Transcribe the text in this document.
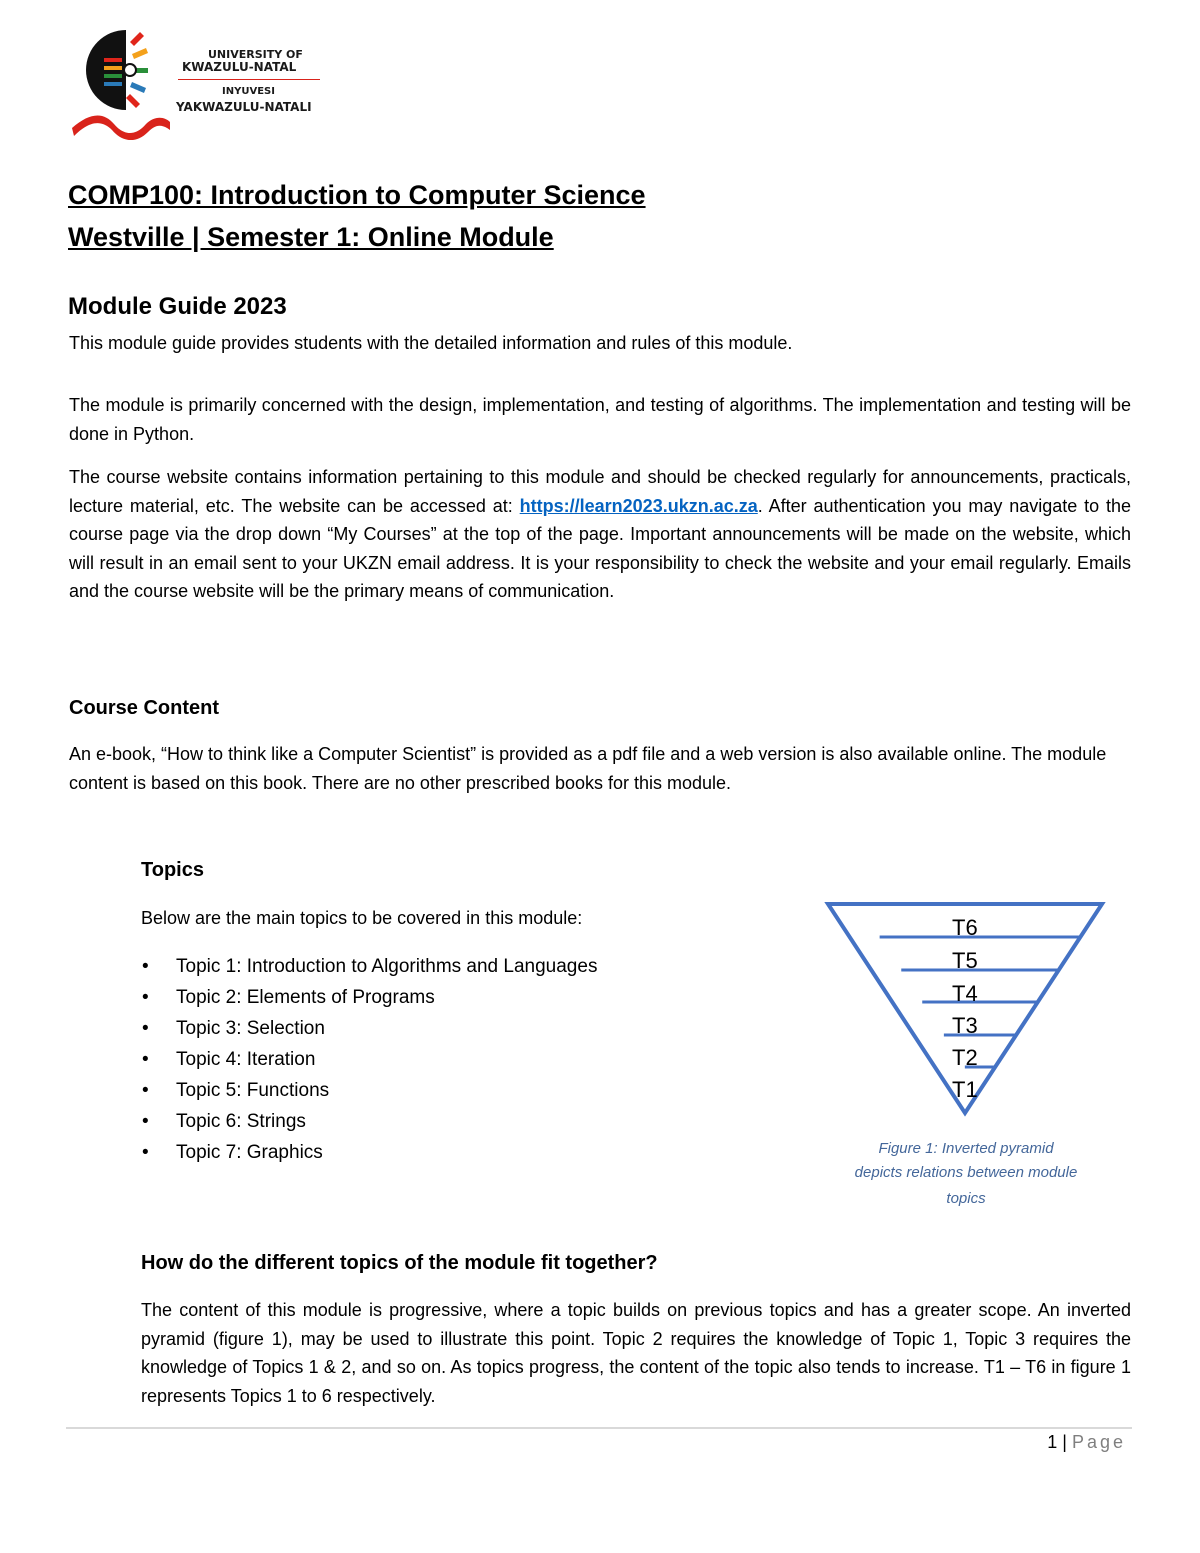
UNIVERSITY OF
KWAZULU-NATAL
INYUVESI
YAKWAZULU-NATALI
COMP100: Introduction to Computer Science
Westville | Semester 1: Online Module
Module Guide 2023
This module guide provides students with the detailed information and rules of this module.
The module is primarily concerned with the design, implementation, and testing of algorithms. The implementation and testing will be done in Python.
The course website contains information pertaining to this module and should be checked regularly for announcements, practicals, lecture material, etc. The website can be accessed at: https://learn2023.ukzn.ac.za. After authentication you may navigate to the course page via the drop down “My Courses” at the top of the page. Important announcements will be made on the website, which will result in an email sent to your UKZN email address. It is your responsibility to check the website and your email regularly. Emails and the course website will be the primary means of communication.
Course Content
An e-book, “How to think like a Computer Scientist” is provided as a pdf file and a web version is also available online. The module content is based on this book. There are no other prescribed books for this module.
Topics
Below are the main topics to be covered in this module:
• Topic 1: Introduction to Algorithms and Languages
• Topic 2: Elements of Programs
• Topic 3: Selection
• Topic 4: Iteration
• Topic 5: Functions
• Topic 6: Strings
• Topic 7: Graphics
T6
T5
T4
T3
T2
T1
Figure 1: Inverted pyramid
depicts relations between module
topics
How do the different topics of the module fit together?
The content of this module is progressive, where a topic builds on previous topics and has a greater scope. An inverted pyramid (figure 1), may be used to illustrate this point. Topic 2 requires the knowledge of Topic 1, Topic 3 requires the knowledge of Topics 1 & 2, and so on. As topics progress, the content of the topic also tends to increase. T1 – T6 in figure 1 represents Topics 1 to 6 respectively.
1 | Page
